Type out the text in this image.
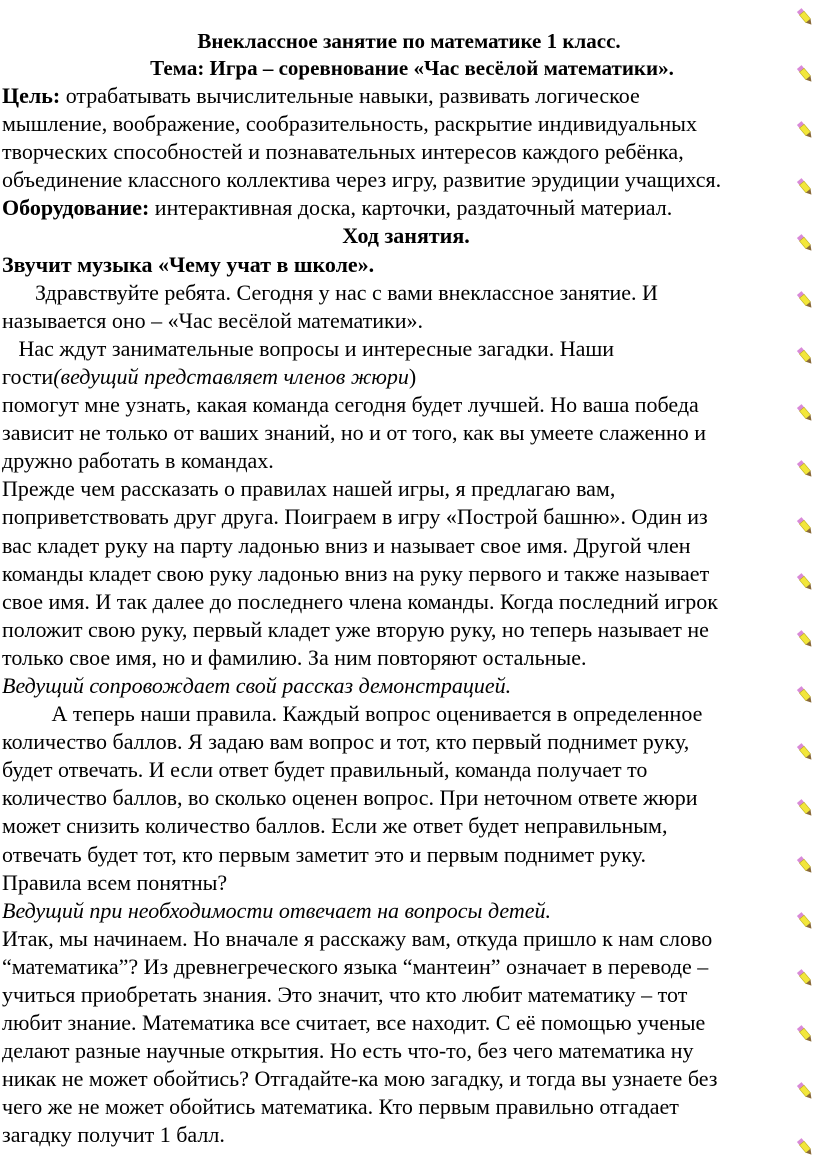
Внеклассное занятие по математике 1 класс.

Тема: Игра – соревнование «Час весёлой математики».

Цель: отрабатывать вычислительные навыки, развивать логическое

мышление, воображение, сообразительность, раскрытие индивидуальных

творческих способностей и познавательных интересов каждого ребёнка,

объединение классного коллектива через игру, развитие эрудиции учащихся.

Оборудование: интерактивная доска, карточки, раздаточный материал.

Ход занятия.

Звучит музыка «Чему учат в школе».

Здравствуйте ребята. Сегодня у нас с вами внеклассное занятие. И

называется оно – «Час весёлой математики».

Нас ждут занимательные вопросы и интересные загадки. Наши

гости(ведущий представляет членов жюри)

помогут мне узнать, какая команда сегодня будет лучшей. Но ваша победа

зависит не только от ваших знаний, но и от того, как вы умеете слаженно и

дружно работать в командах.

Прежде чем рассказать о правилах нашей игры, я предлагаю вам,

поприветствовать друг друга. Поиграем в игру «Построй башню». Один из

вас кладет руку на парту ладонью вниз и называет свое имя. Другой член

команды кладет свою руку ладонью вниз на руку первого и также называет

свое имя. И так далее до последнего члена команды. Когда последний игрок

положит свою руку, первый кладет уже вторую руку, но теперь называет не

только свое имя, но и фамилию. За ним повторяют остальные.

Ведущий сопровождает свой рассказ демонстрацией.

А теперь наши правила. Каждый вопрос оценивается в определенное

количество баллов. Я задаю вам вопрос и тот, кто первый поднимет руку,

будет отвечать. И если ответ будет правильный, команда получает то

количество баллов, во сколько оценен вопрос. При неточном ответе жюри

может снизить количество баллов. Если же ответ будет неправильным,

отвечать будет тот, кто первым заметит это и первым поднимет руку.

Правила всем понятны?

Ведущий при необходимости отвечает на вопросы детей.

Итак, мы начинаем. Но вначале я расскажу вам, откуда пришло к нам слово

“математика”? Из древнегреческого языка “мантеин” означает в переводе –

учиться приобретать знания. Это значит, что кто любит математику – тот

любит знание. Математика все считает, все находит. С её помощью ученые

делают разные научные открытия. Но есть что-то, без чего математика ну

никак не может обойтись? Отгадайте-ка мою загадку, и тогда вы узнаете без

чего же не может обойтись математика. Кто первым правильно отгадает

загадку получит 1 балл.
